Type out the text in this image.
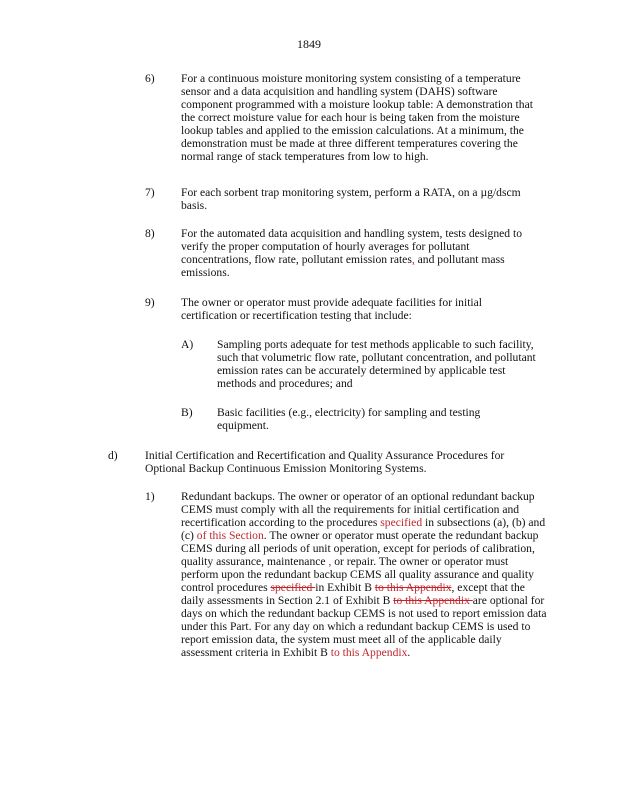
1849
6) For a continuous moisture monitoring system consisting of a temperature sensor and a data acquisition and handling system (DAHS) software component programmed with a moisture lookup table: A demonstration that the correct moisture value for each hour is being taken from the moisture lookup tables and applied to the emission calculations. At a minimum, the demonstration must be made at three different temperatures covering the normal range of stack temperatures from low to high.
7) For each sorbent trap monitoring system, perform a RATA, on a µg/dscm basis.
8) For the automated data acquisition and handling system, tests designed to verify the proper computation of hourly averages for pollutant concentrations, flow rate, pollutant emission rates, and pollutant mass emissions.
9) The owner or operator must provide adequate facilities for initial certification or recertification testing that include:
A) Sampling ports adequate for test methods applicable to such facility, such that volumetric flow rate, pollutant concentration, and pollutant emission rates can be accurately determined by applicable test methods and procedures; and
B) Basic facilities (e.g., electricity) for sampling and testing equipment.
d) Initial Certification and Recertification and Quality Assurance Procedures for Optional Backup Continuous Emission Monitoring Systems.
1) Redundant backups. The owner or operator of an optional redundant backup CEMS must comply with all the requirements for initial certification and recertification according to the procedures specified in subsections (a), (b) and (c) of this Section. The owner or operator must operate the redundant backup CEMS during all periods of unit operation, except for periods of calibration, quality assurance, maintenance , or repair. The owner or operator must perform upon the redundant backup CEMS all quality assurance and quality control procedures specified in Exhibit B to this Appendix, except that the daily assessments in Section 2.1 of Exhibit B to this Appendix are optional for days on which the redundant backup CEMS is not used to report emission data under this Part. For any day on which a redundant backup CEMS is used to report emission data, the system must meet all of the applicable daily assessment criteria in Exhibit B to this Appendix.
